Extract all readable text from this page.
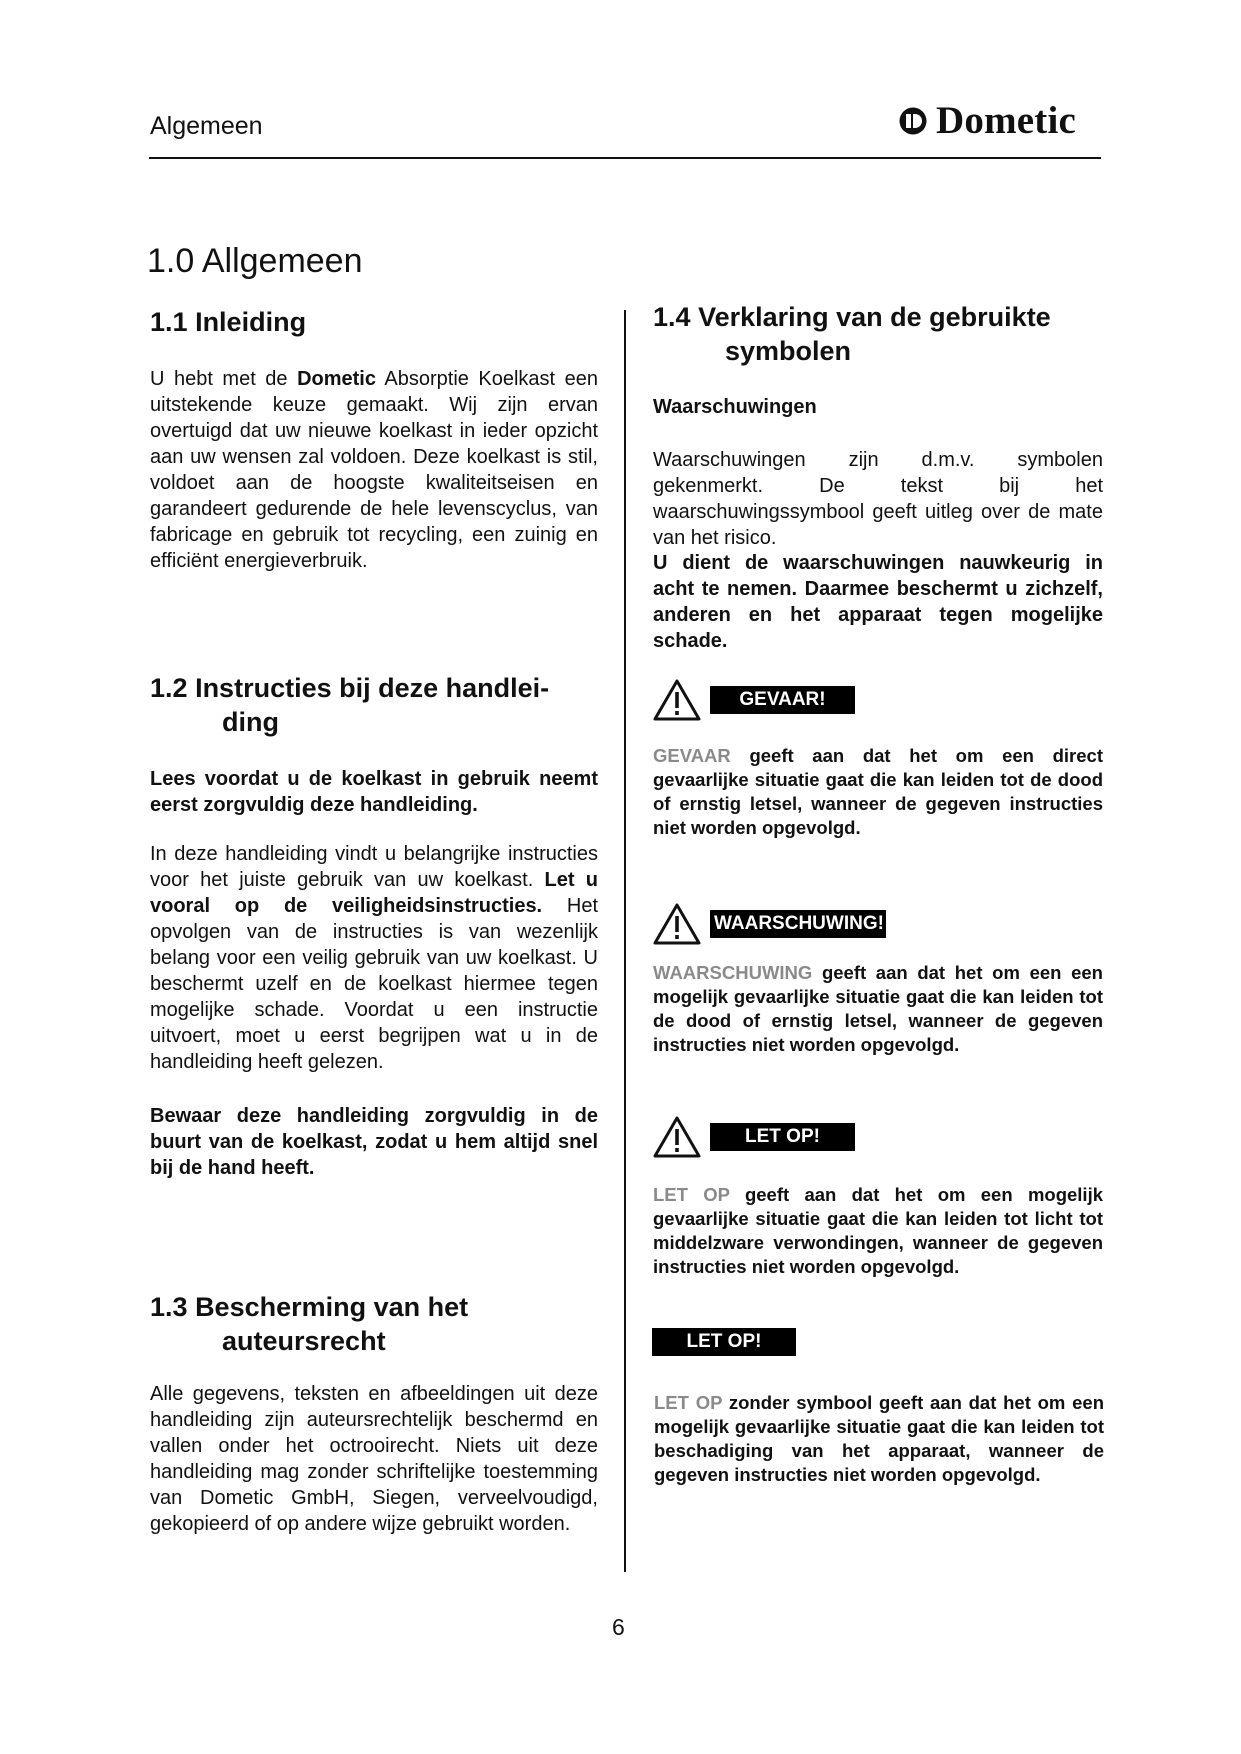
Algemeen	Dometic
1.0 Allgemeen
1.1 Inleiding

U hebt met de Dometic Absorptie Koelkast een uitstekende keuze gemaakt. Wij zijn ervan overtuigd dat uw nieuwe koelkast in ieder opzicht aan uw wensen zal voldoen. Deze koelkast is stil, voldoet aan de hoogste kwaliteitseisen en garandeert gedurende de hele levenscyclus, van fabricage en gebruik tot recycling, een zuinig en efficiënt energieverbruik.

1.2 Instructies bij deze handlei-
ding

Lees voordat u de koelkast in gebruik neemt eerst zorgvuldig deze handleiding.

In deze handleiding vindt u belangrijke instructies voor het juiste gebruik van uw koelkast. Let u vooral op de veiligheidsinstructies. Het opvolgen van de instructies is van wezenlijk belang voor een veilig gebruik van uw koelkast. U beschermt uzelf en de koelkast hiermee tegen mogelijke schade. Voordat u een instructie uitvoert, moet u eerst begrijpen wat u in de handleiding heeft gelezen.

Bewaar deze handleiding zorgvuldig in de buurt van de koelkast, zodat u hem altijd snel bij de hand heeft.

1.3 Bescherming van het
auteursrecht

Alle gegevens, teksten en afbeeldingen uit deze handleiding zijn auteursrechtelijk beschermd en vallen onder het octrooirecht. Niets uit deze handleiding mag zonder schriftelijke toestemming van Dometic GmbH, Siegen, verveelvoudigd, gekopieerd of op andere wijze gebruikt worden.

1.4 Verklaring van de gebruikte
symbolen
Waarschuwingen

Waarschuwingen zijn d.m.v. symbolen gekenmerkt. De tekst bij het waarschuwingssymbool geeft uitleg over de mate van het risico.

U dient de waarschuwingen nauwkeurig in acht te nemen. Daarmee beschermt u zichzelf, anderen en het apparaat tegen mogelijke schade.

GEVAAR!

GEVAAR geeft aan dat het om een direct gevaarlijke situatie gaat die kan leiden tot de dood of ernstig letsel, wanneer de gegeven instructies niet worden opgevolgd.

WAARSCHUWING!

WAARSCHUWING geeft aan dat het om een een mogelijk gevaarlijke situatie gaat die kan leiden tot de dood of ernstig letsel, wanneer de gegeven instructies niet worden opgevolgd.

LET OP!

LET OP geeft aan dat het om een mogelijk gevaarlijke situatie gaat die kan leiden tot licht tot middelzware verwondingen, wanneer de gegeven instructies niet worden opgevolgd.

LET OP!

LET OP zonder symbool geeft aan dat het om een mogelijk gevaarlijke situatie gaat die kan leiden tot beschadiging van het apparaat, wanneer de gegeven instructies niet worden opgevolgd.

6
